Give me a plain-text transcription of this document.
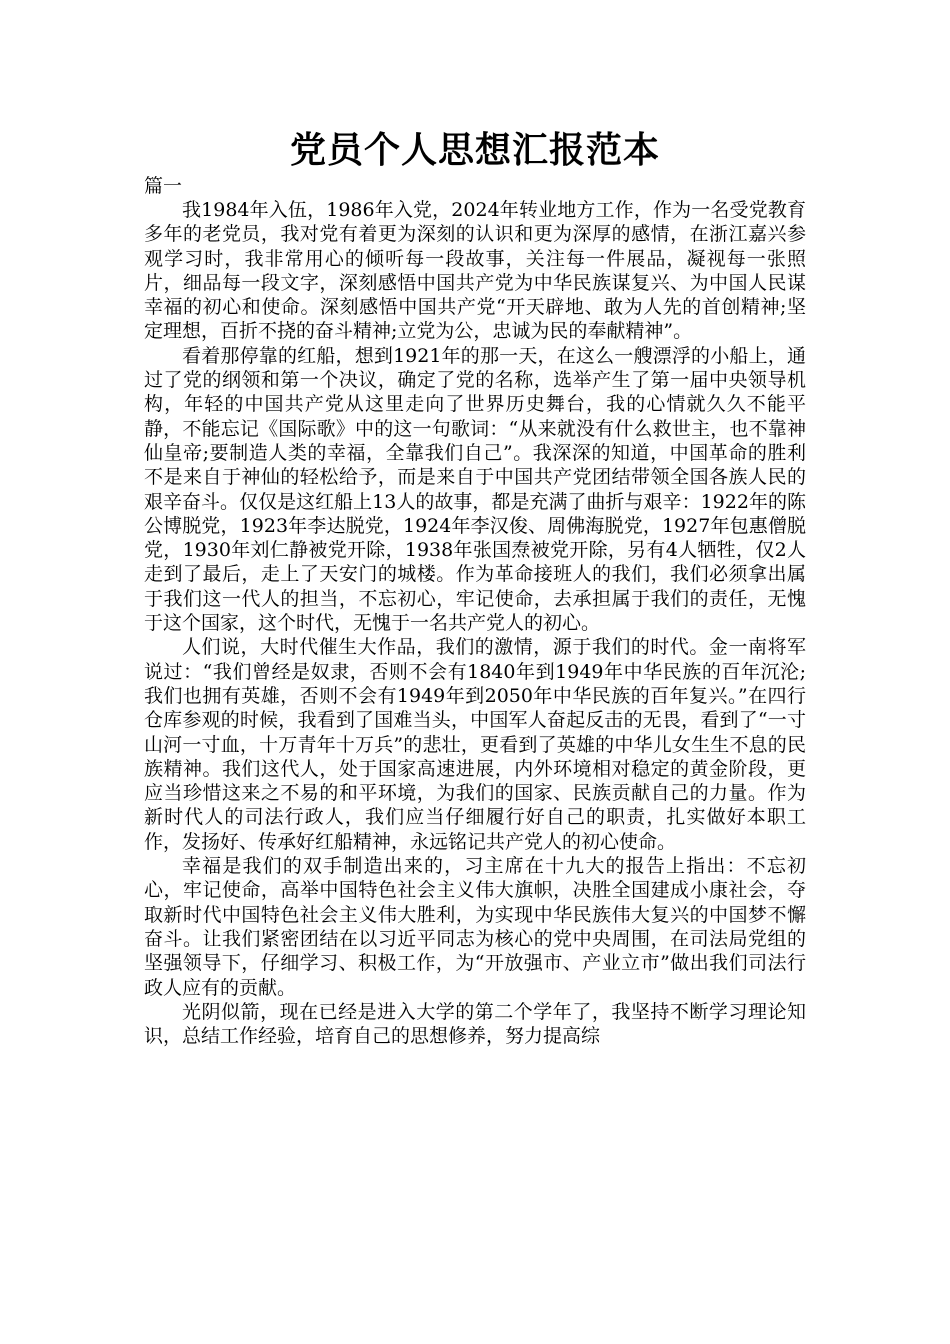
党员个人思想汇报范本

篇一

我1984年入伍，1986年入党，2024年转业地方工作，作为一名受党教育多年的老党员，我对党有着更为深刻的认识和更为深厚的感情，在浙江嘉兴参观学习时，我非常用心的倾听每一段故事，关注每一件展品，凝视每一张照片，细品每一段文字，深刻感悟中国共产党为中华民族谋复兴、为中国人民谋幸福的初心和使命。深刻感悟中国共产党“开天辟地、敢为人先的首创精神;坚定理想，百折不挠的奋斗精神;立党为公，忠诚为民的奉献精神”。

看着那停靠的红船，想到1921年的那一天，在这么一艘漂浮的小船上，通过了党的纲领和第一个决议，确定了党的名称，选举产生了第一届中央领导机构，年轻的中国共产党从这里走向了世界历史舞台，我的心情就久久不能平静，不能忘记《国际歌》中的这一句歌词：“从来就没有什么救世主，也不靠神仙皇帝;要制造人类的幸福，全靠我们自己”。我深深的知道，中国革命的胜利不是来自于神仙的轻松给予，而是来自于中国共产党团结带领全国各族人民的艰辛奋斗。仅仅是这红船上13人的故事，都是充满了曲折与艰辛：1922年的陈公博脱党，1923年李达脱党，1924年李汉俊、周佛海脱党，1927年包惠僧脱党，1930年刘仁静被党开除，1938年张国焘被党开除，另有4人牺牲，仅2人走到了最后，走上了天安门的城楼。作为革命接班人的我们，我们必须拿出属于我们这一代人的担当，不忘初心，牢记使命，去承担属于我们的责任，无愧于这个国家，这个时代，无愧于一名共产党人的初心。

人们说，大时代催生大作品，我们的激情，源于我们的时代。金一南将军说过：“我们曾经是奴隶，否则不会有1840年到1949年中华民族的百年沉沦;我们也拥有英雄，否则不会有1949年到2050年中华民族的百年复兴。”在四行仓库参观的时候，我看到了国难当头，中国军人奋起反击的无畏，看到了“一寸山河一寸血，十万青年十万兵”的悲壮，更看到了英雄的中华儿女生生不息的民族精神。我们这代人，处于国家高速进展，内外环境相对稳定的黄金阶段，更应当珍惜这来之不易的和平环境，为我们的国家、民族贡献自己的力量。作为新时代人的司法行政人，我们应当仔细履行好自己的职责，扎实做好本职工作，发扬好、传承好红船精神，永远铭记共产党人的初心使命。

幸福是我们的双手制造出来的，习主席在十九大的报告上指出：不忘初心，牢记使命，高举中国特色社会主义伟大旗帜，决胜全国建成小康社会，夺取新时代中国特色社会主义伟大胜利，为实现中华民族伟大复兴的中国梦不懈奋斗。让我们紧密团结在以习近平同志为核心的党中央周围，在司法局党组的坚强领导下，仔细学习、积极工作，为“开放强市、产业立市”做出我们司法行政人应有的贡献。

光阴似箭，现在已经是进入大学的第二个学年了，我坚持不断学习理论知识，总结工作经验，培育自己的思想修养，努力提高综
